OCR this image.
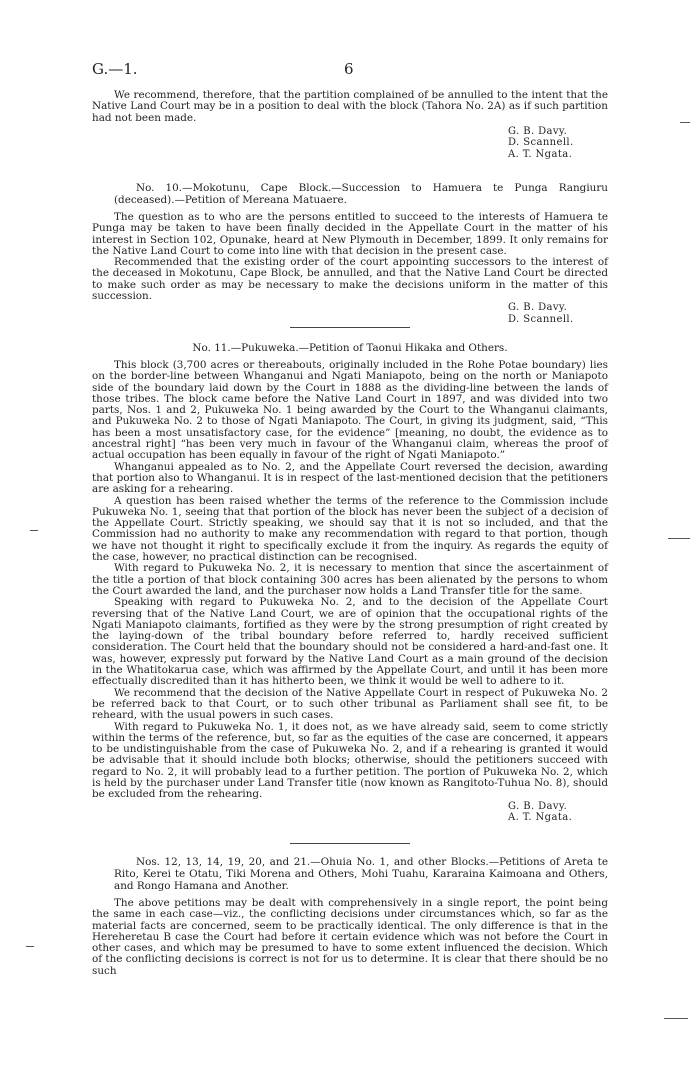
G.—1.	6

We recommend, therefore, that the partition complained of be annulled to the intent that the Native Land Court may be in a position to deal with the block (Tahora No. 2A) as if such partition had not been made.

G. B. Davy.
D. Scannell.
A. T. Ngata.

No. 10.—Mokotunu, Cape Block.—Succession to Hamuera te Punga Rangiuru (deceased).—Petition of Mereana Matuaere.

The question as to who are the persons entitled to succeed to the interests of Hamuera te Punga may be taken to have been finally decided in the Appellate Court in the matter of his interest in Section 102, Opunake, heard at New Plymouth in December, 1899. It only remains for the Native Land Court to come into line with that decision in the present case.

Recommended that the existing order of the court appointing successors to the interest of the deceased in Mokotunu, Cape Block, be annulled, and that the Native Land Court be directed to make such order as may be necessary to make the decisions uniform in the matter of this succession.

G. B. Davy.
D. Scannell.

No. 11.—Pukuweka.—Petition of Taonui Hikaka and Others.

This block (3,700 acres or thereabouts, originally included in the Rohe Potae boundary) lies on the border-line between Whanganui and Ngati Maniapoto, being on the north or Maniapoto side of the boundary laid down by the Court in 1888 as the dividing-line between the lands of those tribes. The block came before the Native Land Court in 1897, and was divided into two parts, Nos. 1 and 2, Pukuweka No. 1 being awarded by the Court to the Whanganui claimants, and Pukuweka No. 2 to those of Ngati Maniapoto. The Court, in giving its judgment, said, “This has been a most unsatisfactory case, for the evidence” [meaning, no doubt, the evidence as to ancestral right] “has been very much in favour of the Whanganui claim, whereas the proof of actual occupation has been equally in favour of the right of Ngati Maniapoto.”

Whanganui appealed as to No. 2, and the Appellate Court reversed the decision, awarding that portion also to Whanganui. It is in respect of the last-mentioned decision that the petitioners are asking for a rehearing.

A question has been raised whether the terms of the reference to the Commission include Pukuweka No. 1, seeing that that portion of the block has never been the subject of a decision of the Appellate Court. Strictly speaking, we should say that it is not so included, and that the Commission had no authority to make any recommendation with regard to that portion, though we have not thought it right to specifically exclude it from the inquiry. As regards the equity of the case, however, no practical distinction can be recognised.

With regard to Pukuweka No. 2, it is necessary to mention that since the ascertainment of the title a portion of that block containing 300 acres has been alienated by the persons to whom the Court awarded the land, and the purchaser now holds a Land Transfer title for the same.

Speaking with regard to Pukuweka No. 2, and to the decision of the Appellate Court reversing that of the Native Land Court, we are of opinion that the occupational rights of the Ngati Maniapoto claimants, fortified as they were by the strong presumption of right created by the laying-down of the tribal boundary before referred to, hardly received sufficient consideration. The Court held that the boundary should not be considered a hard-and-fast one. It was, however, expressly put forward by the Native Land Court as a main ground of the decision in the Whatitokarua case, which was affirmed by the Appellate Court, and until it has been more effectually discredited than it has hitherto been, we think it would be well to adhere to it.

We recommend that the decision of the Native Appellate Court in respect of Pukuweka No. 2 be referred back to that Court, or to such other tribunal as Parliament shall see fit, to be reheard, with the usual powers in such cases.

With regard to Pukuweka No. 1, it does not, as we have already said, seem to come strictly within the terms of the reference, but, so far as the equities of the case are concerned, it appears to be undistinguishable from the case of Pukuweka No. 2, and if a rehearing is granted it would be advisable that it should include both blocks; otherwise, should the petitioners succeed with regard to No. 2, it will probably lead to a further petition. The portion of Pukuweka No. 2, which is held by the purchaser under Land Transfer title (now known as Rangitoto-Tuhua No. 8), should be excluded from the rehearing.

G. B. Davy.
A. T. Ngata.

Nos. 12, 13, 14, 19, 20, and 21.—Ohuia No. 1, and other Blocks.—Petitions of Areta te Rito, Kerei te Otatu, Tiki Morena and Others, Mohi Tuahu, Kararaina Kaimoana and Others, and Rongo Hamana and Another.

The above petitions may be dealt with comprehensively in a single report, the point being the same in each case—viz., the conflicting decisions under circumstances which, so far as the material facts are concerned, seem to be practically identical. The only difference is that in the Hereheretau B case the Court had before it certain evidence which was not before the Court in other cases, and which may be presumed to have to some extent influenced the decision. Which of the conflicting decisions is correct is not for us to determine. It is clear that there should be no such
